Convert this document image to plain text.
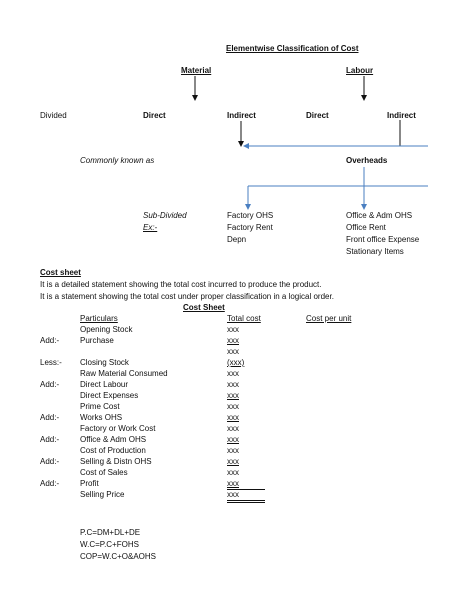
Elementwise Classification of Cost
Material	Labour
Divided	Direct	Indirect	Direct	Indirect
Commonly known as	Overheads
Sub-Divided
Ex:-
Factory OHS
Factory Rent
Depn
Office & Adm OHS
Office Rent
Front office Expense
Stationary Items
Cost sheet
It is a detailed statement showing the total cost incurred to produce the product.
It is a statement showing the total cost under proper classification in a logical order.
Cost Sheet
Particulars	Total cost	Cost per unit
Opening Stock	xxx
Add:-	Purchase	xxx
xxx
Less:- Closing Stock	(xxx)
Raw Material Consumed	xxx
Add:-	Direct Labour	xxx
Direct Expenses	xxx
Prime Cost	xxx
Add:-	Works OHS	xxx
Factory or Work Cost	xxx
Add:-	Office & Adm OHS	xxx
Cost of Production	xxx
Add:-	Selling & Distn OHS	xxx
Cost of Sales	xxx
Add:-	Profit	xxx
Selling Price	xxx
P.C=DM+DL+DE
W.C=P.C+FOHS
COP=W.C+O&AOHS
